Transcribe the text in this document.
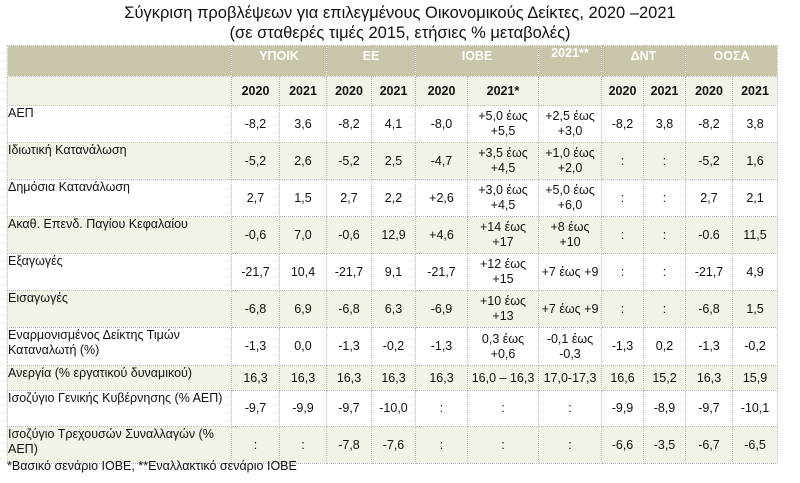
Σύγκριση προβλέψεων για επιλεγμένους Οικονομικούς Δείκτες, 2020 –2021
(σε σταθερές τιμές 2015, ετήσιες % μεταβολές)
	ΥΠΟΙΚ		ΕΕ		ΙΟΒΕ		2021**	ΔΝΤ		ΟΟΣΑ	
	2020	2021	2020	2021	2020	2021*		2020	2021	2020	2021
ΑΕΠ	-8,2	3,6	-8,2	4,1	-8,0	+5,0 έως +5,5	+2,5 έως +3,0	-8,2	3,8	-8,2	3,8
Ιδιωτική Κατανάλωση	-5,2	2,6	-5,2	2,5	-4,7	+3,5 έως +4,5	+1,0 έως +2,0	:	:	-5,2	1,6
Δημόσια Κατανάλωση	2,7	1,5	2,7	2,2	+2,6	+3,0 έως +4,5	+5,0 έως +6,0	:	:	2,7	2,1
Ακαθ. Επενδ. Παγίου Κεφαλαίου	-0,6	7,0	-0,6	12,9	+4,6	+14 έως +17	+8 έως +10	:	:	-0.6	11,5
Εξαγωγές	-21,7	10,4	-21,7	9,1	-21,7	+12 έως +15	+7 έως +9	:	:	-21,7	4,9
Εισαγωγές	-6,8	6,9	-6,8	6,3	-6,9	+10 έως +13	+7 έως +9	:	:	-6,8	1,5
Εναρμονισμένος Δείκτης Τιμών Καταναλωτή (%)	-1,3	0,0	-1,3	-0,2	-1,3	0,3 έως +0,6	-0,1 έως -0,3	-1,3	0,2	-1,3	-0,2
Ανεργία (% εργατικού δυναμικού)	16,3	16,3	16,3	16,3	16,3	16,0 – 16,3	17,0-17,3	16,6	15,2	16,3	15,9
Ισοζύγιο Γενικής Κυβέρνησης (% ΑΕΠ)	-9,7	-9,9	-9,7	-10,0	:	:	:	-9,9	-8,9	-9,7	-10,1
Ισοζύγιο Τρεχουσών Συναλλαγών (% ΑΕΠ)	:	:	-7,8	-7,6	:	:	:	-6,6	-3,5	-6,7	-6,5
*Βασικό σενάριο ΙΟΒΕ, **Εναλλακτικό σενάριο ΙΟΒΕ
